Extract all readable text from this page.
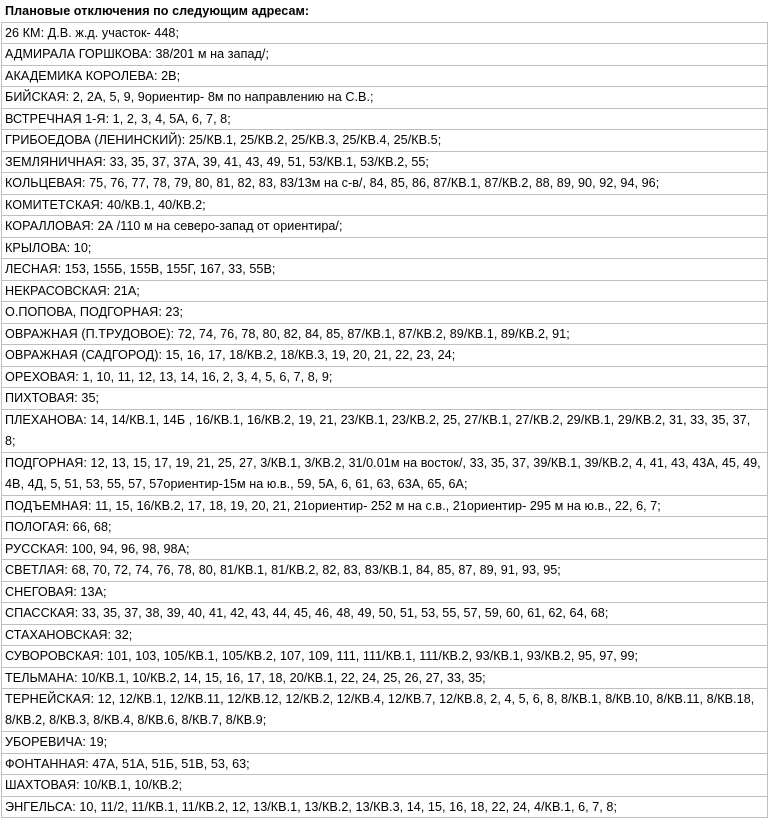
Плановые отключения по следующим адресам:
26 КМ: Д.В. ж.д. участок- 448;
АДМИРАЛА ГОРШКОВА: 38/201 м на запад/;
АКАДЕМИКА КОРОЛЕВА: 2В;
БИЙСКАЯ: 2, 2А, 5, 9, 9ориентир- 8м по направлению на С.В.;
ВСТРЕЧНАЯ 1-Я: 1, 2, 3, 4, 5А, 6, 7, 8;
ГРИБОЕДОВА (ЛЕНИНСКИЙ): 25/КВ.1, 25/КВ.2, 25/КВ.3, 25/КВ.4, 25/КВ.5;
ЗЕМЛЯНИЧНАЯ: 33, 35, 37, 37А, 39, 41, 43, 49, 51, 53/КВ.1, 53/КВ.2, 55;
КОЛЬЦЕВАЯ: 75, 76, 77, 78, 79, 80, 81, 82, 83, 83/13м на с-в/, 84, 85, 86, 87/КВ.1, 87/КВ.2, 88, 89, 90, 92, 94, 96;
КОМИТЕТСКАЯ: 40/КВ.1, 40/КВ.2;
КОРАЛЛОВАЯ: 2А /110 м на северо-запад от ориентира/;
КРЫЛОВА: 10;
ЛЕСНАЯ: 153, 155Б, 155В, 155Г, 167, 33, 55В;
НЕКРАСОВСКАЯ: 21А;
О.ПОПОВА, ПОДГОРНАЯ: 23;
ОВРАЖНАЯ (П.ТРУДОВОЕ): 72, 74, 76, 78, 80, 82, 84, 85, 87/КВ.1, 87/КВ.2, 89/КВ.1, 89/КВ.2, 91;
ОВРАЖНАЯ (САДГОРОД): 15, 16, 17, 18/КВ.2, 18/КВ.3, 19, 20, 21, 22, 23, 24;
ОРЕХОВАЯ: 1, 10, 11, 12, 13, 14, 16, 2, 3, 4, 5, 6, 7, 8, 9;
ПИХТОВАЯ: 35;
ПЛЕХАНОВА: 14, 14/КВ.1, 14Б , 16/КВ.1, 16/КВ.2, 19, 21, 23/КВ.1, 23/КВ.2, 25, 27/КВ.1, 27/КВ.2, 29/КВ.1, 29/КВ.2, 31, 33, 35, 37, 8;
ПОДГОРНАЯ: 12, 13, 15, 17, 19, 21, 25, 27, 3/КВ.1, 3/КВ.2, 31/0.01м на восток/, 33, 35, 37, 39/КВ.1, 39/КВ.2, 4, 41, 43, 43А, 45, 49, 4В, 4Д, 5, 51, 53, 55, 57, 57ориентир-15м на ю.в., 59, 5А, 6, 61, 63, 63А, 65, 6А;
ПОДЪЕМНАЯ: 11, 15, 16/КВ.2, 17, 18, 19, 20, 21, 21ориентир- 252 м на с.в., 21ориентир- 295 м на ю.в., 22, 6, 7;
ПОЛОГАЯ: 66, 68;
РУССКАЯ: 100, 94, 96, 98, 98А;
СВЕТЛАЯ: 68, 70, 72, 74, 76, 78, 80, 81/КВ.1, 81/КВ.2, 82, 83, 83/КВ.1, 84, 85, 87, 89, 91, 93, 95;
СНЕГОВАЯ: 13А;
СПАССКАЯ: 33, 35, 37, 38, 39, 40, 41, 42, 43, 44, 45, 46, 48, 49, 50, 51, 53, 55, 57, 59, 60, 61, 62, 64, 68;
СТАХАНОВСКАЯ: 32;
СУВОРОВСКАЯ: 101, 103, 105/КВ.1, 105/КВ.2, 107, 109, 111, 111/КВ.1, 111/КВ.2, 93/КВ.1, 93/КВ.2, 95, 97, 99;
ТЕЛЬМАНА: 10/КВ.1, 10/КВ.2, 14, 15, 16, 17, 18, 20/КВ.1, 22, 24, 25, 26, 27, 33, 35;
ТЕРНЕЙСКАЯ: 12, 12/КВ.1, 12/КВ.11, 12/КВ.12, 12/КВ.2, 12/КВ.4, 12/КВ.7, 12/КВ.8, 2, 4, 5, 6, 8, 8/КВ.1, 8/КВ.10, 8/КВ.11, 8/КВ.18, 8/КВ.2, 8/КВ.3, 8/КВ.4, 8/КВ.6, 8/КВ.7, 8/КВ.9;
УБОРЕВИЧА: 19;
ФОНТАННАЯ: 47А, 51А, 51Б, 51В, 53, 63;
ШАХТОВАЯ: 10/КВ.1, 10/КВ.2;
ЭНГЕЛЬСА: 10, 11/2, 11/КВ.1, 11/КВ.2, 12, 13/КВ.1, 13/КВ.2, 13/КВ.3, 14, 15, 16, 18, 22, 24, 4/КВ.1, 6, 7, 8;
